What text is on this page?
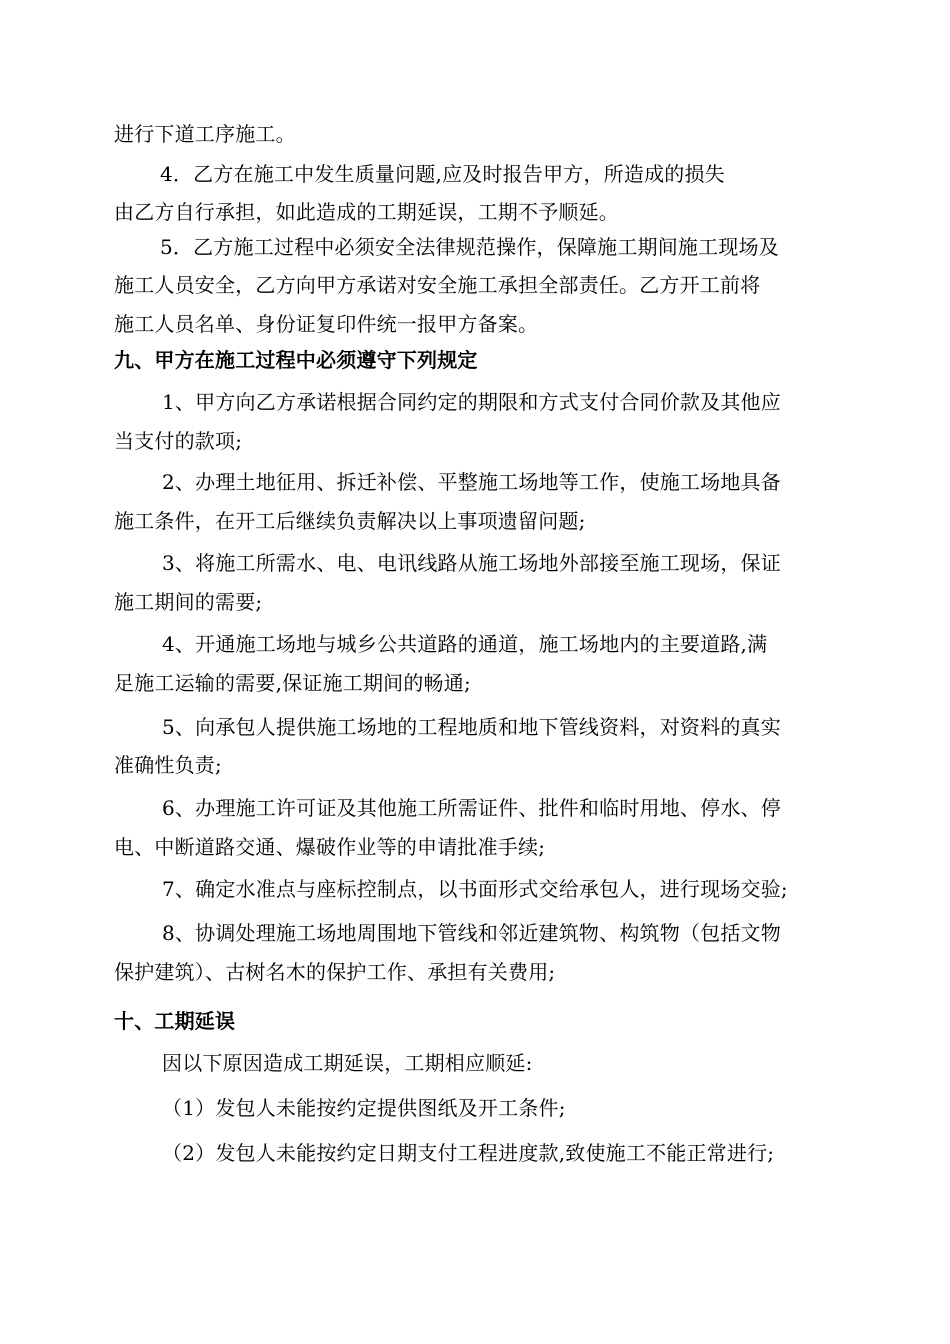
进行下道工序施工。
4．乙方在施工中发生质量问题,应及时报告甲方，所造成的损失
由乙方自行承担，如此造成的工期延误，工期不予顺延。
5．乙方施工过程中必须安全法律规范操作，保障施工期间施工现场及
施工人员安全，乙方向甲方承诺对安全施工承担全部责任。乙方开工前将
施工人员名单、身份证复印件统一报甲方备案。
九、甲方在施工过程中必须遵守下列规定
1、甲方向乙方承诺根据合同约定的期限和方式支付合同价款及其他应
当支付的款项;
2、办理土地征用、拆迁补偿、平整施工场地等工作，使施工场地具备
施工条件，在开工后继续负责解决以上事项遗留问题;
3、将施工所需水、电、电讯线路从施工场地外部接至施工现场，保证
施工期间的需要;
4、开通施工场地与城乡公共道路的通道，施工场地内的主要道路,满
足施工运输的需要,保证施工期间的畅通;
5、向承包人提供施工场地的工程地质和地下管线资料，对资料的真实
准确性负责;
6、办理施工许可证及其他施工所需证件、批件和临时用地、停水、停
电、中断道路交通、爆破作业等的申请批准手续;
7、确定水准点与座标控制点，以书面形式交给承包人，进行现场交验;
8、协调处理施工场地周围地下管线和邻近建筑物、构筑物（包括文物
保护建筑）、古树名木的保护工作、承担有关费用;
十、工期延误
因以下原因造成工期延误，工期相应顺延:
（1）发包人未能按约定提供图纸及开工条件;
（2）发包人未能按约定日期支付工程进度款,致使施工不能正常进行;
